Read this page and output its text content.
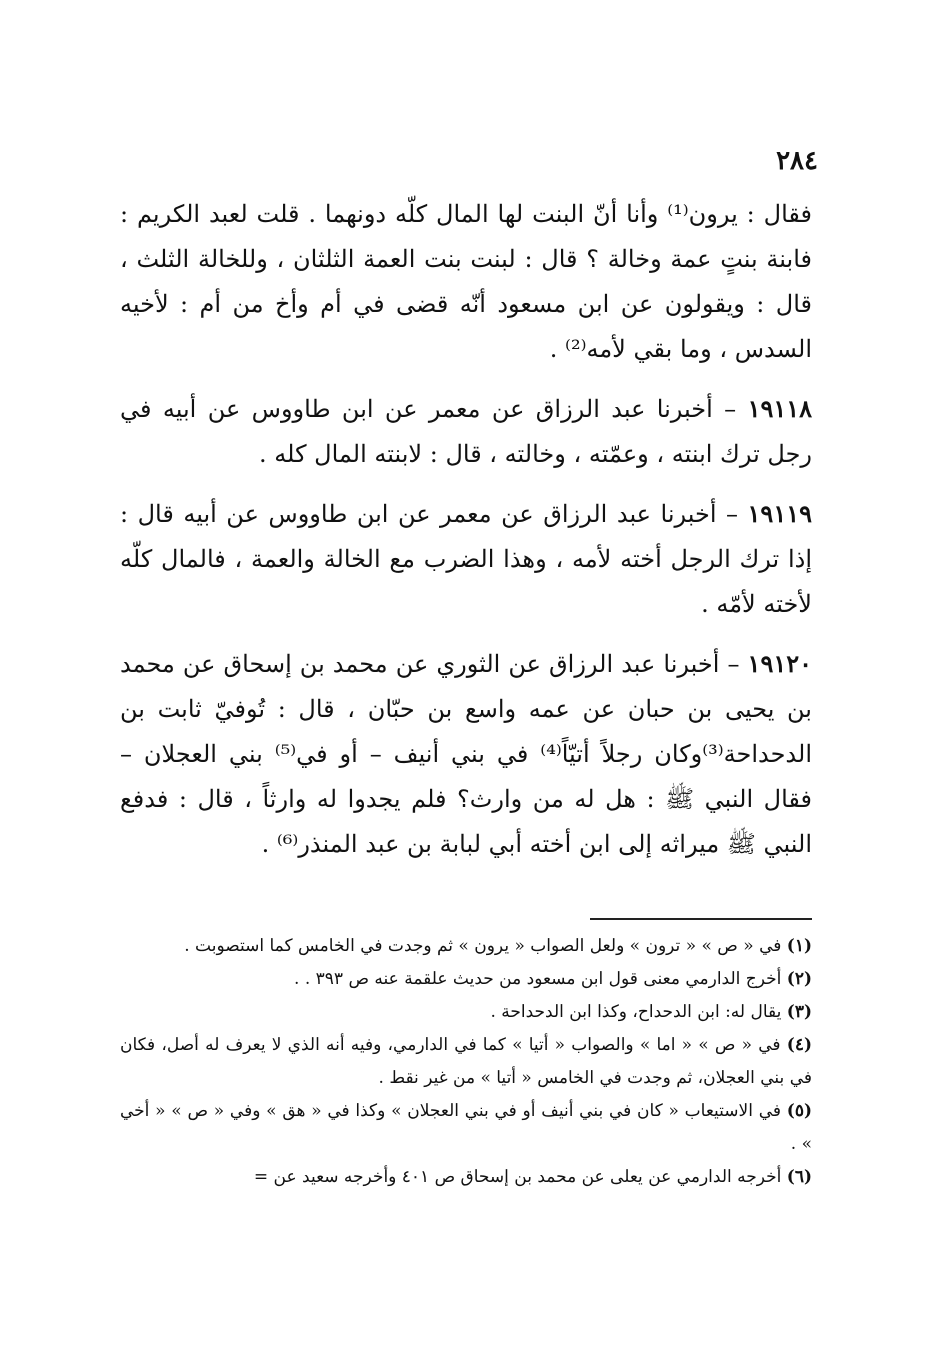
٢٨٤

فقال : يرون⁽¹⁾ وأنا أنّ البنت لها المال كلّه دونهما . قلت لعبد الكريم : فابنة بنتٍ عمة وخالة ؟ قال : لبنت بنت العمة الثلثان ، وللخالة الثلث ، قال : ويقولون عن ابن مسعود أنّه قضى في أم وأخ من أم : لأخيه السدس ، وما بقي لأمه⁽²⁾ .

١٩١١٨ – أخبرنا عبد الرزاق عن معمر عن ابن طاووس عن أبيه في رجل ترك ابنته ، وعمّته ، وخالته ، قال : لابنته المال كله .

١٩١١٩ – أخبرنا عبد الرزاق عن معمر عن ابن طاووس عن أبيه قال : إذا ترك الرجل أخته لأمه ، وهذا الضرب مع الخالة والعمة ، فالمال كلّه لأخته لأمّه .

١٩١٢٠ – أخبرنا عبد الرزاق عن الثوري عن محمد بن إسحاق عن محمد بن يحيى بن حبان عن عمه واسع بن حبّان ، قال : تُوفيّ ثابت بن الدحداحة⁽³⁾وكان رجلاً أتيّاً⁽⁴⁾ في بني أنيف – أو في⁽⁵⁾ بني العجلان – فقال النبي ﷺ : هل له من وارث؟ فلم يجدوا له وارثاً ، قال : فدفع النبي ﷺ ميراثه إلى ابن أخته أبي لبابة بن عبد المنذر⁽⁶⁾ .

(١) في « ص » « ترون » ولعل الصواب « يرون » ثم وجدت في الخامس كما استصوبت .

(٢) أخرج الدارمي معنى قول ابن مسعود من حديث علقمة عنه ص ٣٩٣ . .

(٣) يقال له: ابن الدحداح، وكذا ابن الدحداحة .

(٤) في « ص » « اما » والصواب « أتيا » كما في الدارمي، وفيه أنه الذي لا يعرف له أصل، فكان في بني العجلان، ثم وجدت في الخامس « أتيا » من غير نقط .

(٥) في الاستيعاب « كان في بني أنيف أو في بني العجلان » وكذا في « هق » وفي « ص » « أخي » .

(٦) أخرجه الدارمي عن يعلى عن محمد بن إسحاق ص ٤٠١ وأخرجه سعيد عن =
